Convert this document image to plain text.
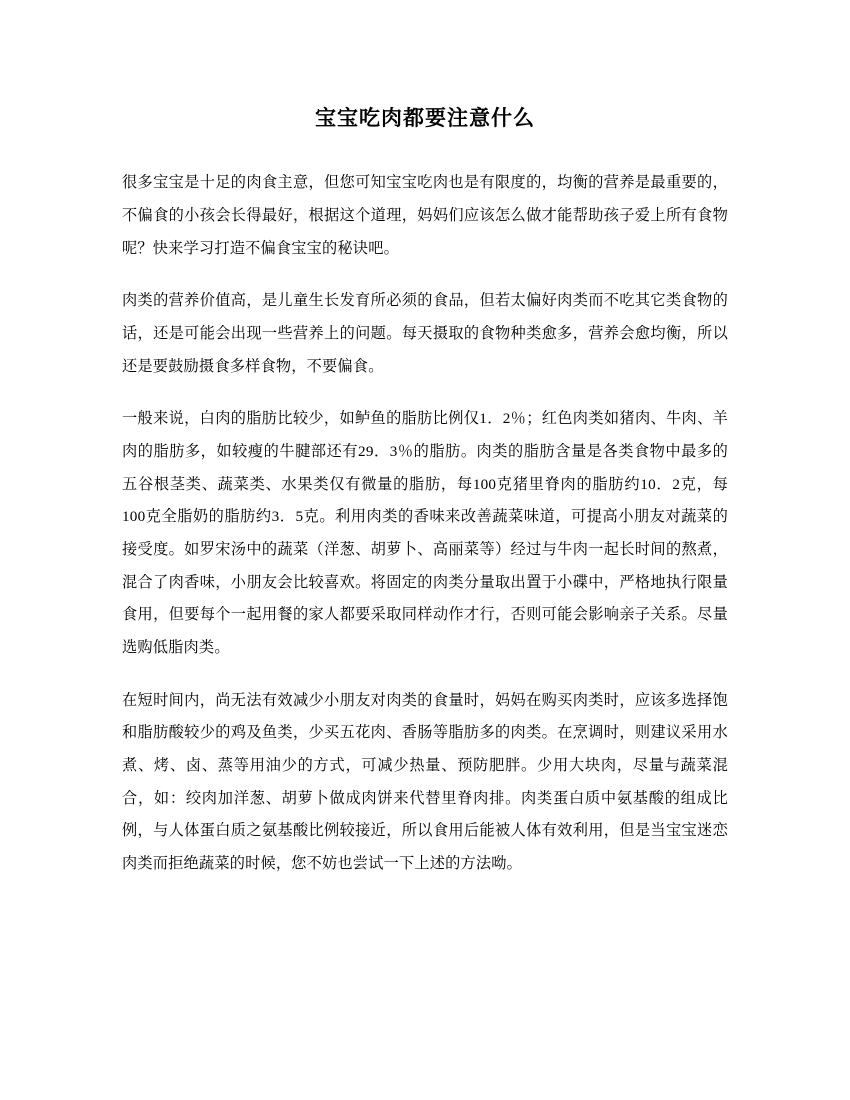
宝宝吃肉都要注意什么

很多宝宝是十足的肉食主意，但您可知宝宝吃肉也是有限度的，均衡的营养是最重要的，不偏食的小孩会长得最好，根据这个道理，妈妈们应该怎么做才能帮助孩子爱上所有食物呢？快来学习打造不偏食宝宝的秘诀吧。

肉类的营养价值高，是儿童生长发育所必须的食品，但若太偏好肉类而不吃其它类食物的话，还是可能会出现一些营养上的问题。每天摄取的食物种类愈多，营养会愈均衡，所以还是要鼓励摄食多样食物，不要偏食。

一般来说，白肉的脂肪比较少，如鲈鱼的脂肪比例仅1．2％；红色肉类如猪肉、牛肉、羊肉的脂肪多，如较瘦的牛腱部还有29．3％的脂肪。肉类的脂肪含量是各类食物中最多的五谷根茎类、蔬菜类、水果类仅有微量的脂肪，每100克猪里脊肉的脂肪约10．2克，每100克全脂奶的脂肪约3．5克。利用肉类的香味来改善蔬菜味道，可提高小朋友对蔬菜的接受度。如罗宋汤中的蔬菜（洋葱、胡萝卜、高丽菜等）经过与牛肉一起长时间的熬煮，混合了肉香味，小朋友会比较喜欢。将固定的肉类分量取出置于小碟中，严格地执行限量食用，但要每个一起用餐的家人都要采取同样动作才行，否则可能会影响亲子关系。尽量选购低脂肉类。

在短时间内，尚无法有效减少小朋友对肉类的食量时，妈妈在购买肉类时，应该多选择饱和脂肪酸较少的鸡及鱼类，少买五花肉、香肠等脂肪多的肉类。在烹调时，则建议采用水煮、烤、卤、蒸等用油少的方式，可减少热量、预防肥胖。少用大块肉，尽量与蔬菜混合，如：绞肉加洋葱、胡萝卜做成肉饼来代替里脊肉排。肉类蛋白质中氨基酸的组成比例，与人体蛋白质之氨基酸比例较接近，所以食用后能被人体有效利用，但是当宝宝迷恋肉类而拒绝蔬菜的时候，您不妨也尝试一下上述的方法呦。
